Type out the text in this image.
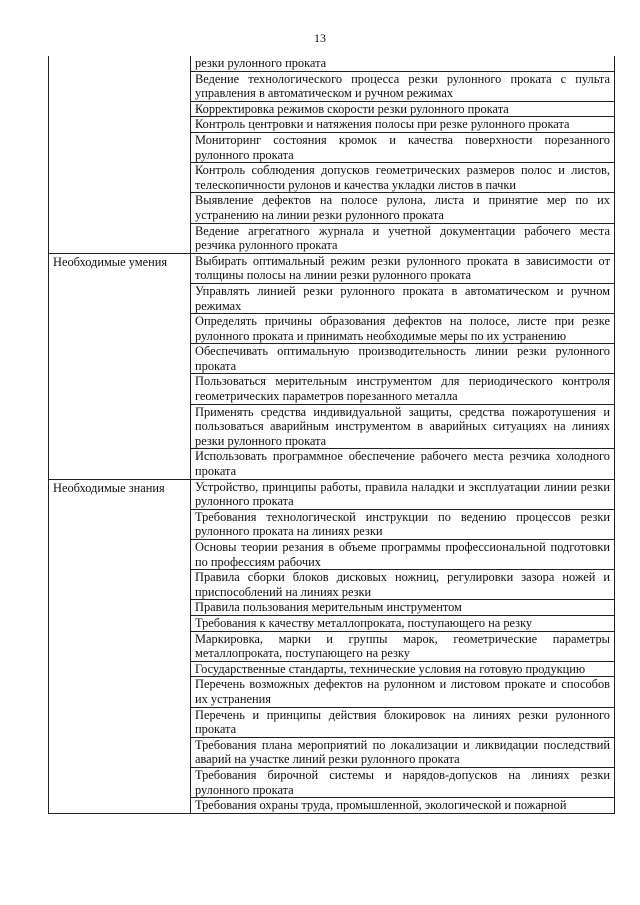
13
	резки рулонного проката
	Ведение технологического процесса резки рулонного проката с пульта управления в автоматическом и ручном режимах
	Корректировка режимов скорости резки рулонного проката
	Контроль центровки и натяжения полосы при резке рулонного проката
	Мониторинг состояния кромок и качества поверхности порезанного рулонного проката
	Контроль соблюдения допусков геометрических размеров полос и листов, телескопичности рулонов и качества укладки листов в пачки
	Выявление дефектов на полосе рулона, листа и принятие мер по их устранению на линии резки рулонного проката
	Ведение агрегатного журнала и учетной документации рабочего места резчика рулонного проката
Необходимые умения	Выбирать оптимальный режим резки рулонного проката в зависимости от толщины полосы на линии резки рулонного проката
	Управлять линией резки рулонного проката в автоматическом и ручном режимах
	Определять причины образования дефектов на полосе, листе при резке рулонного проката и принимать необходимые меры по их устранению
	Обеспечивать оптимальную производительность линии резки рулонного проката
	Пользоваться мерительным инструментом для периодического контроля геометрических параметров порезанного металла
	Применять средства индивидуальной защиты, средства пожаротушения и пользоваться аварийным инструментом в аварийных ситуациях на линиях резки рулонного проката
	Использовать программное обеспечение рабочего места резчика холодного проката
Необходимые знания	Устройство, принципы работы, правила наладки и эксплуатации линии резки рулонного проката
	Требования технологической инструкции по ведению процессов резки рулонного проката на линиях резки
	Основы теории резания в объеме программы профессиональной подготовки по профессиям рабочих
	Правила сборки блоков дисковых ножниц, регулировки зазора ножей и приспособлений на линиях резки
	Правила пользования мерительным инструментом
	Требования к качеству металлопроката, поступающего на резку
	Маркировка, марки и группы марок, геометрические параметры металлопроката, поступающего на резку
	Государственные стандарты, технические условия на готовую продукцию
	Перечень возможных дефектов на рулонном и листовом прокате и способов их устранения
	Перечень и принципы действия блокировок на линиях резки рулонного проката
	Требования плана мероприятий по локализации и ликвидации последствий аварий на участке линий резки рулонного проката
	Требования бирочной системы и нарядов-допусков на линиях резки рулонного проката
	Требования охраны труда, промышленной, экологической и пожарной
